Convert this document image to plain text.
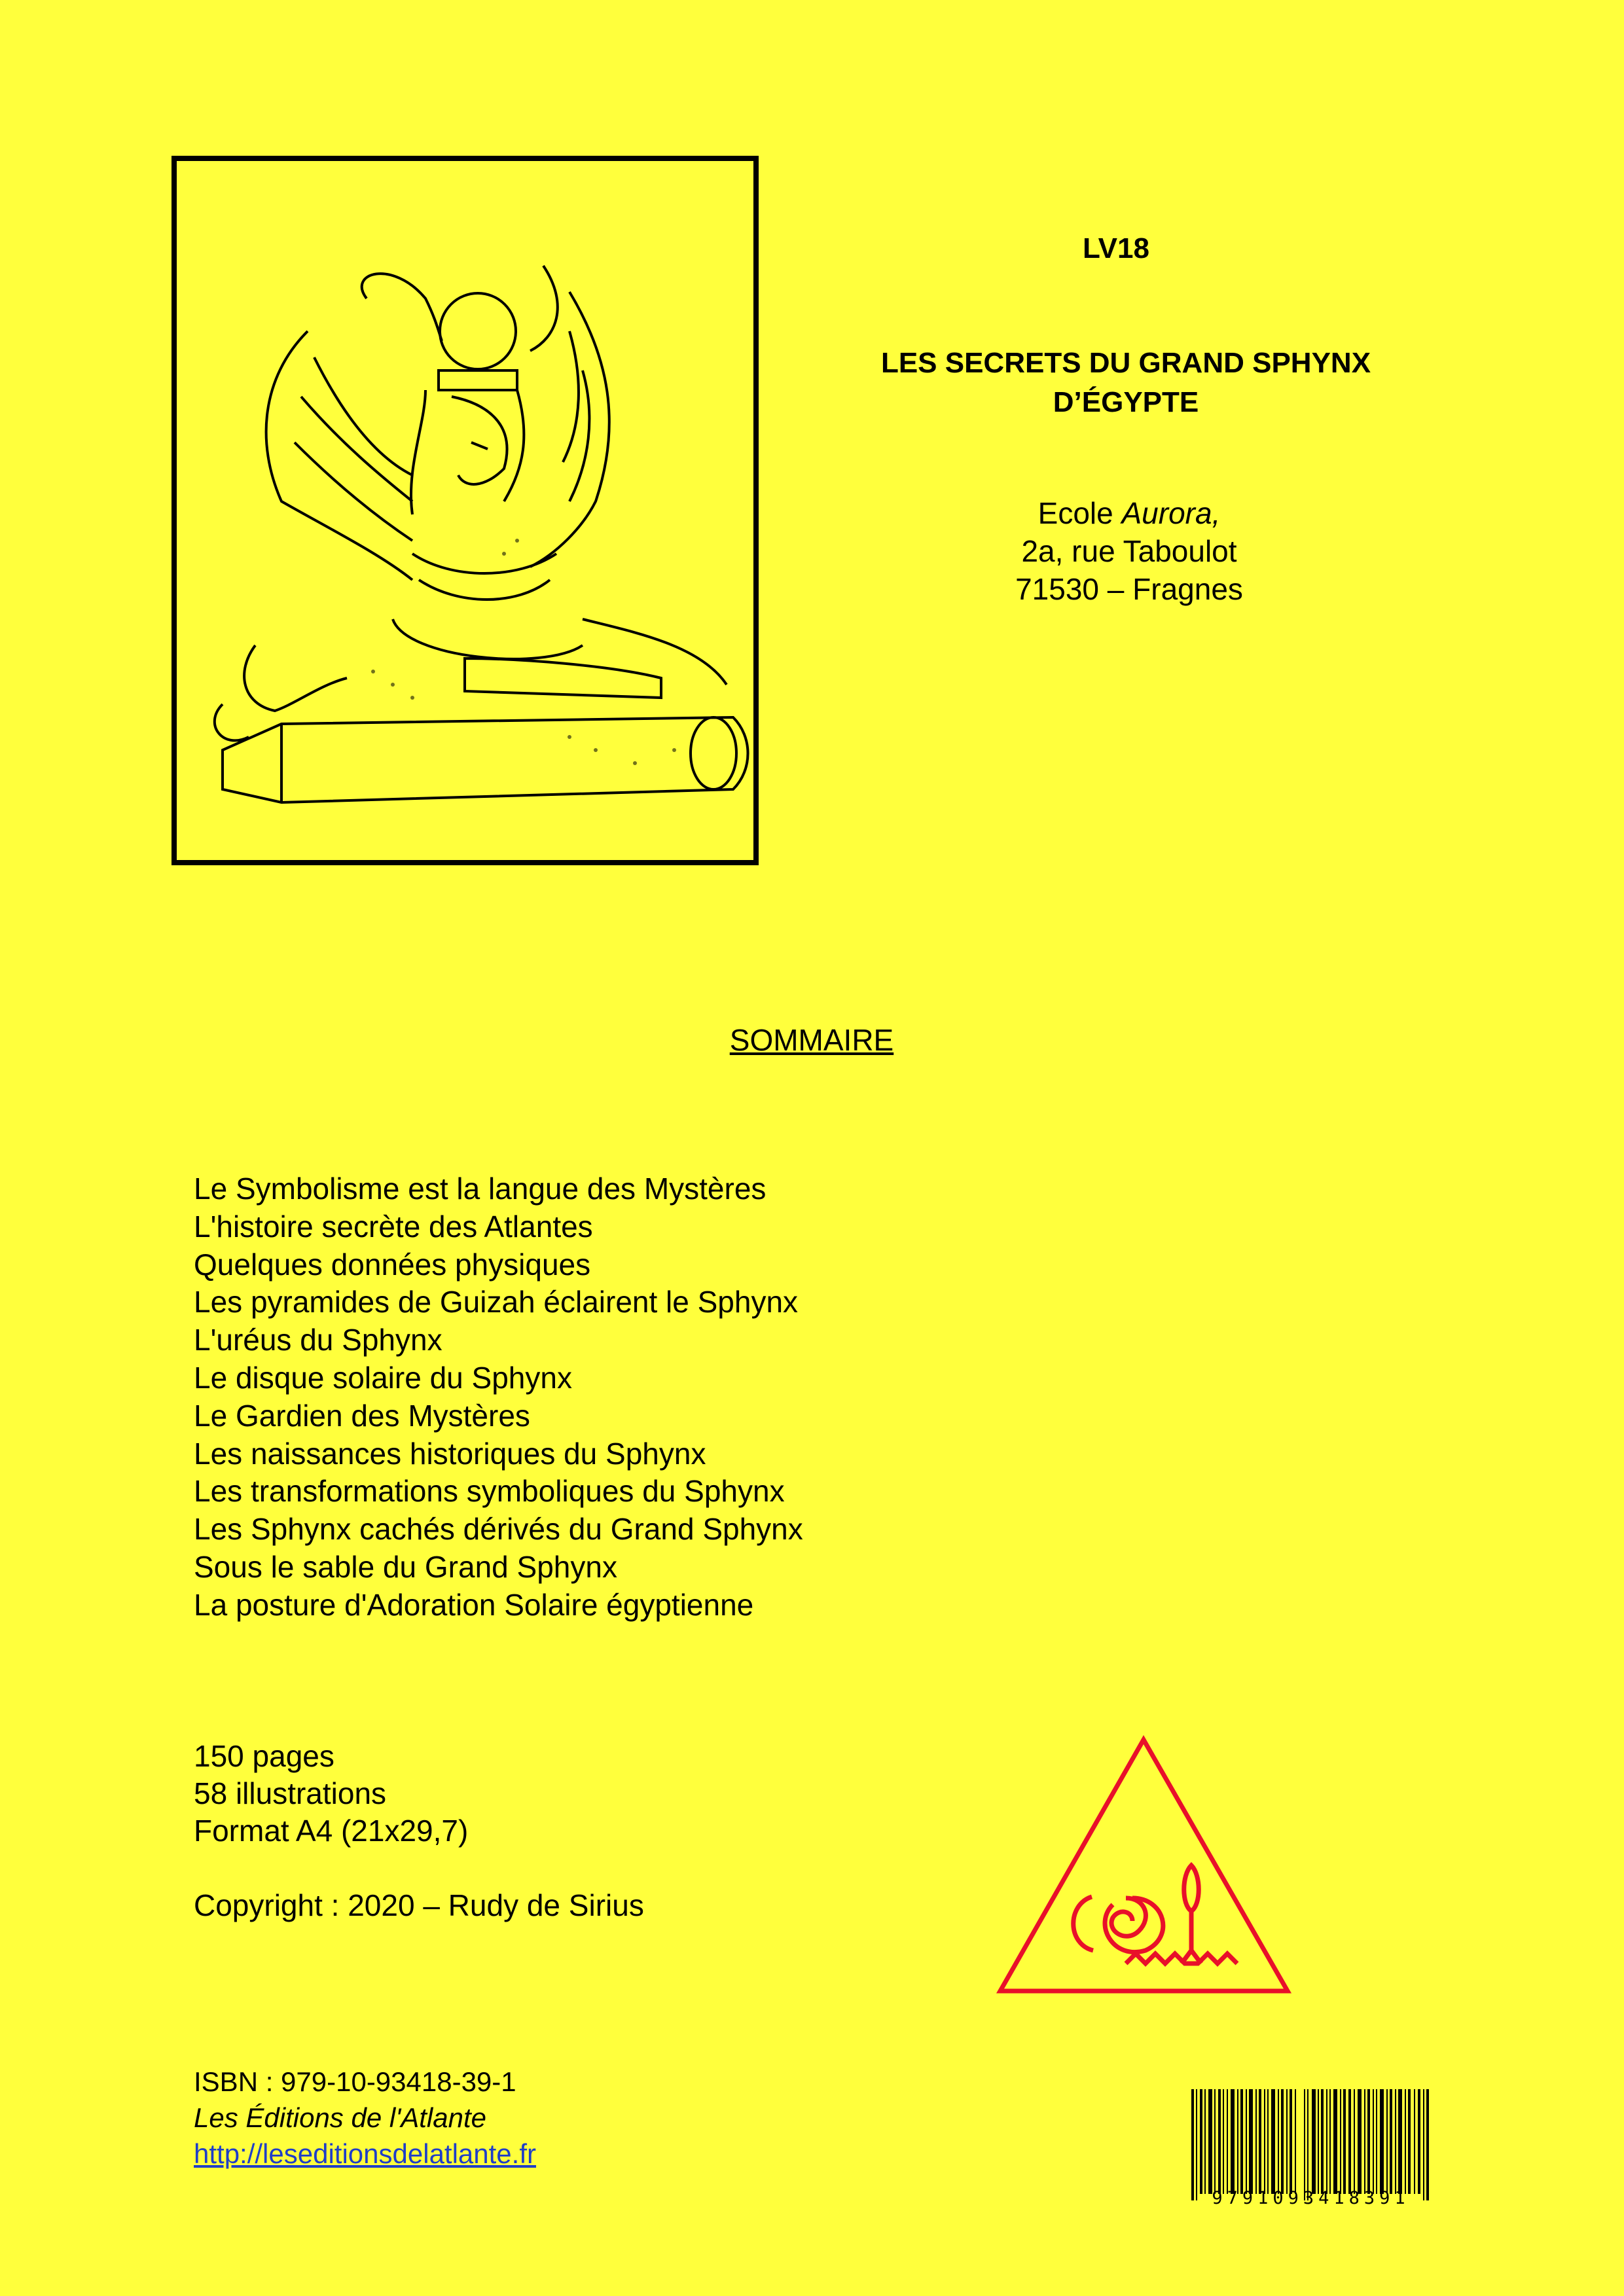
LV18
LES SECRETS DU GRAND SPHYNX
D’ÉGYPTE
Ecole Aurora,
2a, rue Taboulot
71530 – Fragnes
SOMMAIRE
Le Symbolisme est la langue des Mystères
L'histoire secrète des Atlantes
Quelques données physiques
Les pyramides de Guizah éclairent le Sphynx
L'uréus du Sphynx
Le disque solaire du Sphynx
Le Gardien des Mystères
Les naissances historiques du Sphynx
Les transformations symboliques du Sphynx
Les Sphynx cachés dérivés du Grand Sphynx
Sous le sable du Grand Sphynx
La posture d'Adoration Solaire égyptienne
150 pages
58 illustrations
Format A4 (21x29,7)
Copyright : 2020 – Rudy de Sirius
ISBN : 979-10-93418-39-1
Les Éditions de l'Atlante
http://leseditionsdelatlante.fr
9791093418391
